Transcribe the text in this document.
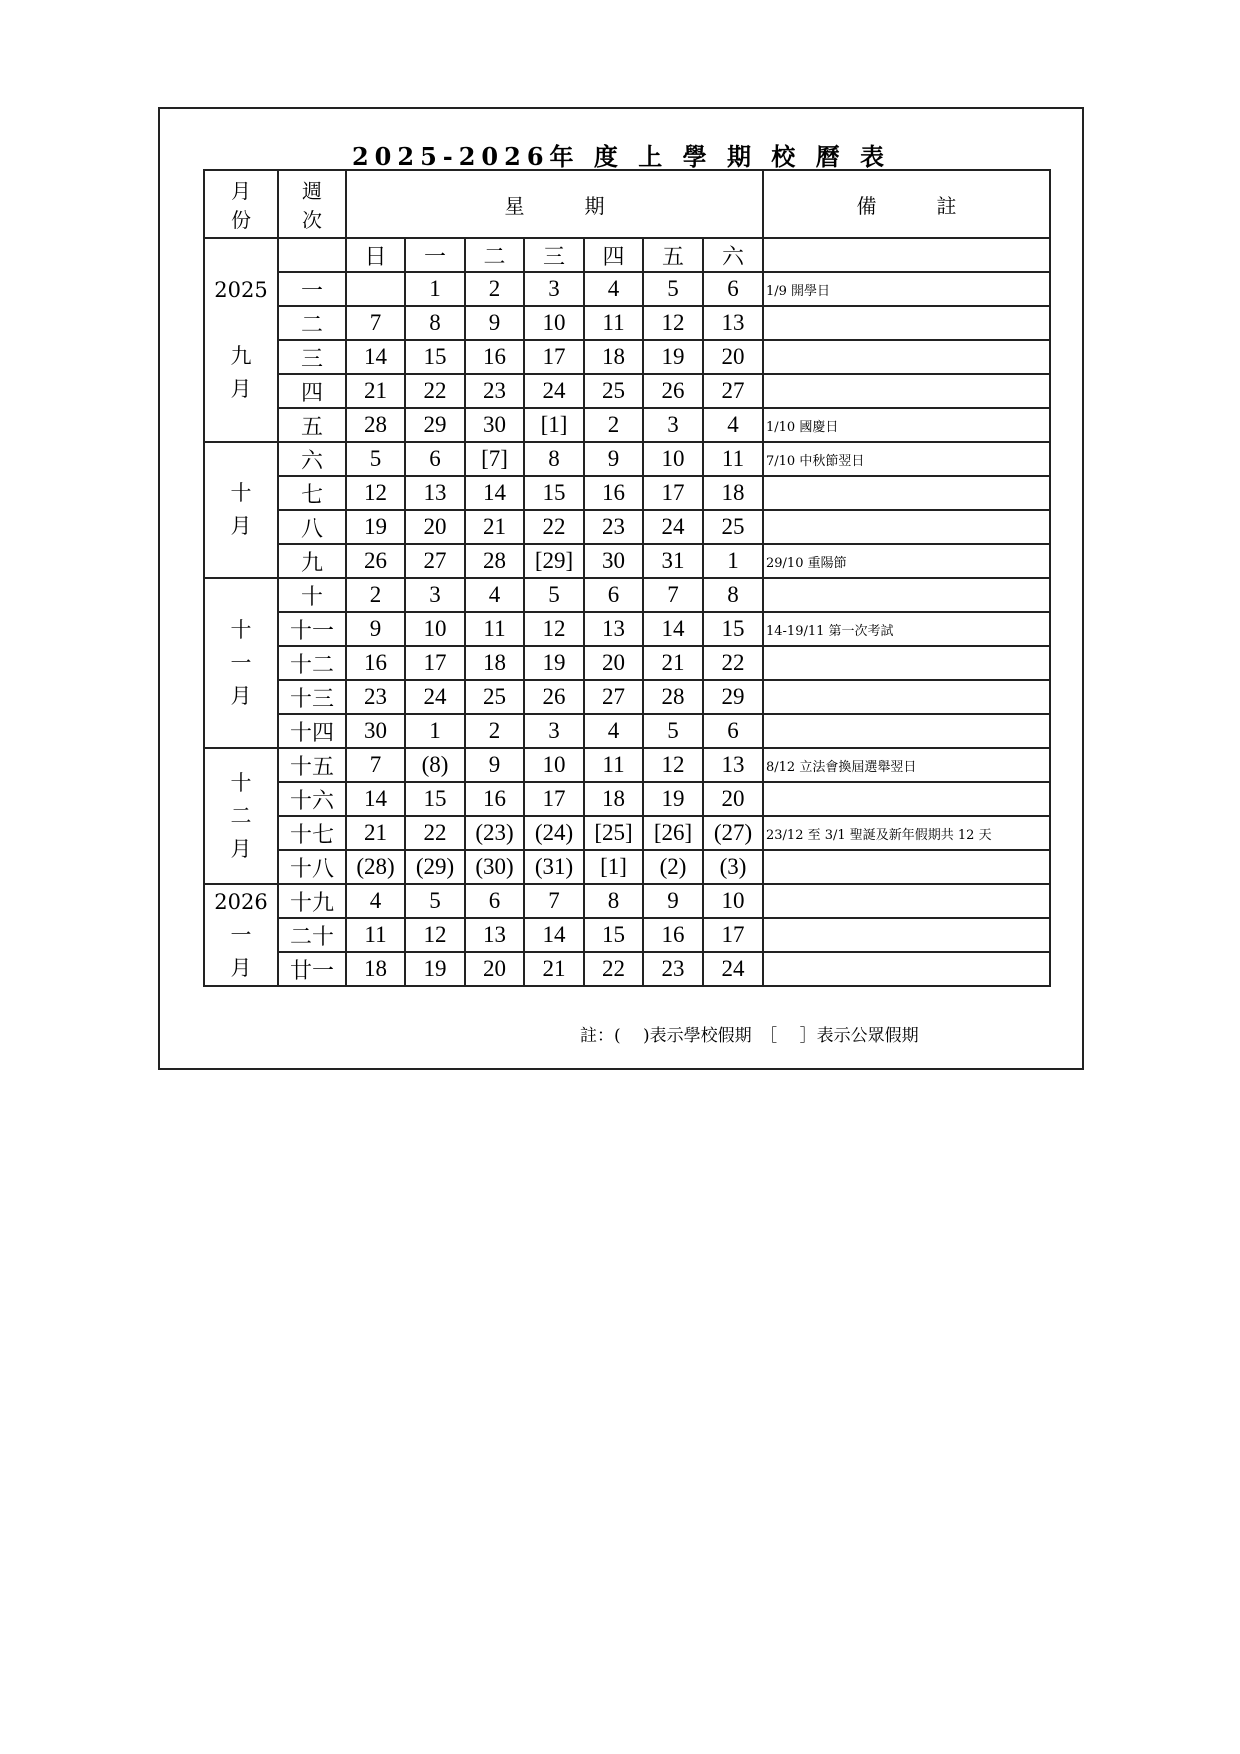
2025-2026年 度 上 學 期 校 曆 表
月
份	週
次	星　　　期							備　　　註

2025
九
月		日	一	二	三	四	五	六	
	一		1	2	3	4	5	6	1/9 開學日
	二	7	8	9	10	11	12	13	
	三	14	15	16	17	18	19	20	
	四	21	22	23	24	25	26	27	
	五	28	29	30	[1]	2	3	4	1/10 國慶日

十
月	六	5	6	[7]	8	9	10	11	7/10 中秋節翌日
	七	12	13	14	15	16	17	18	
	八	19	20	21	22	23	24	25	
	九	26	27	28	[29]	30	31	1	29/10 重陽節

十
一
月	十	2	3	4	5	6	7	8	
	十一	9	10	11	12	13	14	15	14-19/11 第一次考試
	十二	16	17	18	19	20	21	22	
	十三	23	24	25	26	27	28	29	
	十四	30	1	2	3	4	5	6	

十
二
月	十五	7	(8)	9	10	11	12	13	8/12 立法會換屆選舉翌日
	十六	14	15	16	17	18	19	20	
	十七	21	22	(23)	(24)	[25]	[26]	(27)	23/12 至 3/1 聖誕及新年假期共 12 天
	十八	(28)	(29)	(30)	(31)	[1]	(2)	(3)	

2026
一
月	十九	4	5	6	7	8	9	10	
	二十	11	12	13	14	15	16	17	
	廿一	18	19	20	21	22	23	24	
註：(　 )表示學校假期　［　 ］表示公眾假期
